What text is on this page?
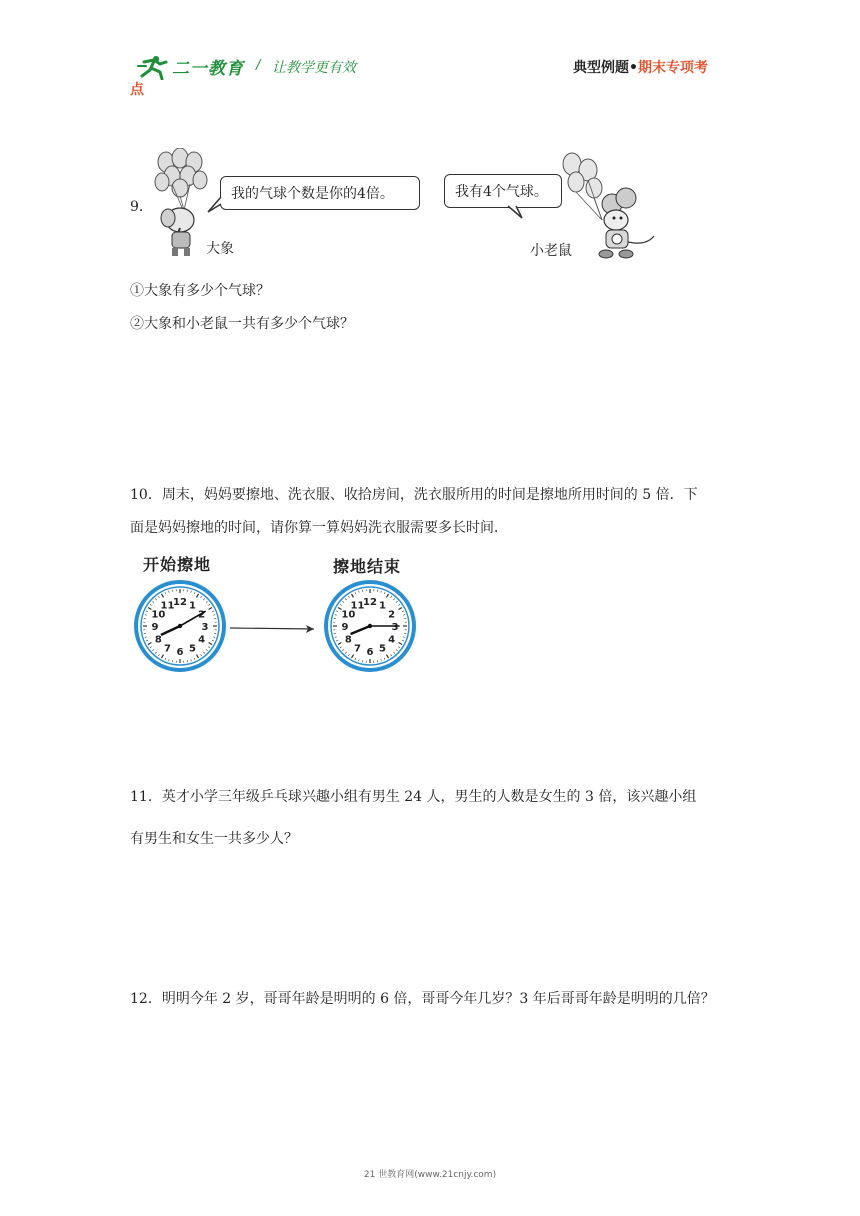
二一教育 / 让教学更有效	典型例题•期末专项考
点
9．
大象
我的气球个数是你的4倍。	我有4个气球。
小老鼠
①大象有多少个气球？
②大象和小老鼠一共有多少个气球？
10．周末，妈妈要擦地、洗衣服、收拾房间，洗衣服所用的时间是擦地所用时间的 5 倍．下
面是妈妈擦地的时间，请你算一算妈妈洗衣服需要多长时间．
开始擦地	擦地结束
12 1
2
3
4
5
6
7
8
9
10
11	12 1
2
3
4
5
6
7
8
9
10
11
11．英才小学三年级乒乓球兴趣小组有男生 24 人，男生的人数是女生的 3 倍，该兴趣小组
有男生和女生一共多少人？
12．明明今年 2 岁，哥哥年龄是明明的 6 倍，哥哥今年几岁？3 年后哥哥年龄是明明的几倍？
21 世教育网(www.21cnjy.com)
